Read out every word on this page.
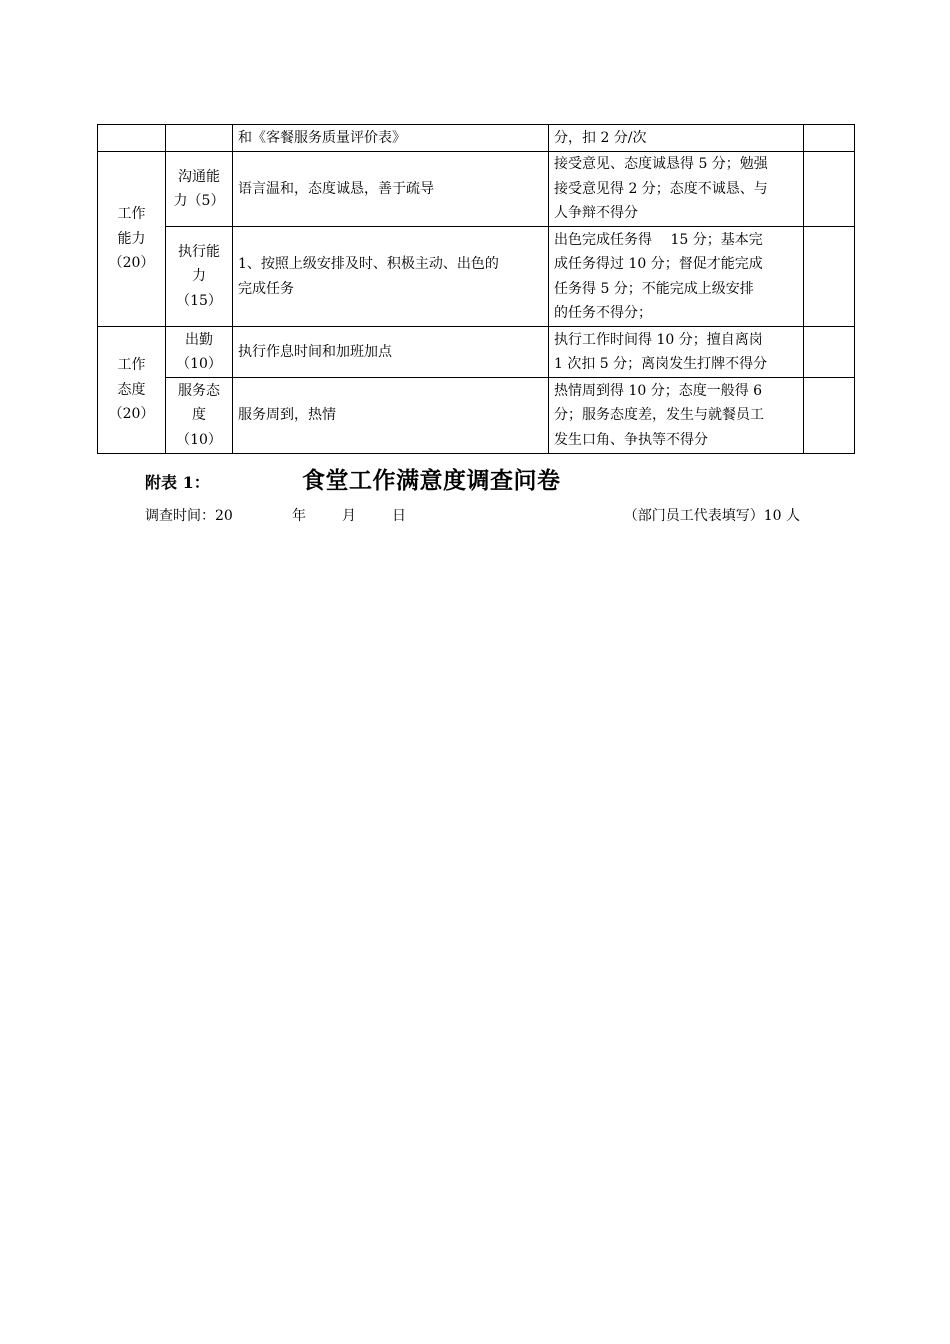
		和《客餐服务质量评价表》	分，扣 2 分/次	

工作
能力
（20）	沟通能
力（5）	语言温和，态度诚恳，善于疏导	接受意见、态度诚恳得 5 分；勉强
接受意见得 2 分；态度不诚恳、与
人争辩不得分	

	执行能
力
（15）	1、按照上级安排及时、积极主动、出色的
完成任务	出色完成任务得　 15 分；基本完
成任务得过 10 分；督促才能完成
任务得 5 分；不能完成上级安排
的任务不得分；	

工作
态度
（20）	出勤
（10）	执行作息时间和加班加点	执行工作时间得 10 分；擅自离岗
1 次扣 5 分；离岗发生打牌不得分	

	服务态
度
（10）	服务周到，热情	热情周到得 10 分；态度一般得 6
分；服务态度差，发生与就餐员工
发生口角、争执等不得分	

附表 1：	食堂工作满意度调查问卷
调查时间：20	年	月	日	（部门员工代表填写）10 人
